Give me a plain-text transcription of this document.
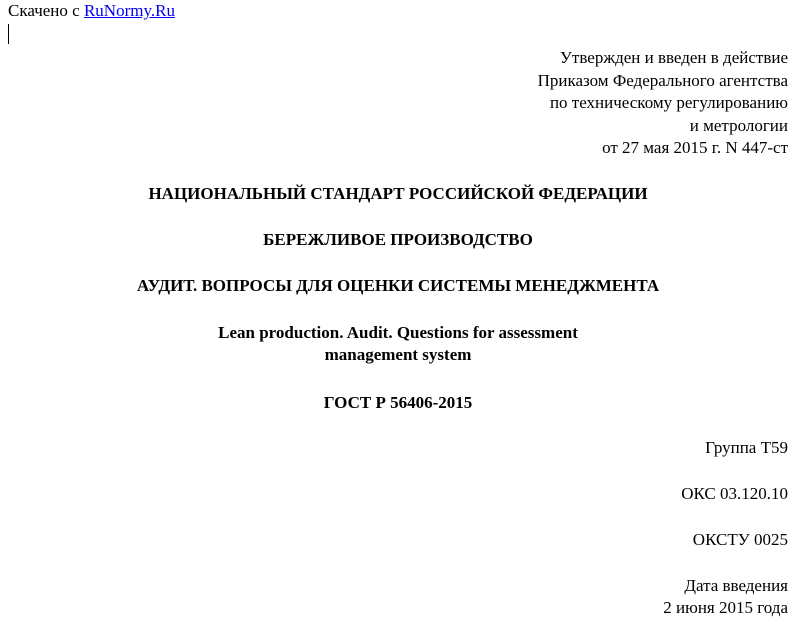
Скачено с RuNormy.Ru
Утвержден и введен в действие
Приказом Федерального агентства
по техническому регулированию
и метрологии
от 27 мая 2015 г. N 447-ст
НАЦИОНАЛЬНЫЙ СТАНДАРТ РОССИЙСКОЙ ФЕДЕРАЦИИ
БЕРЕЖЛИВОЕ ПРОИЗВОДСТВО
АУДИТ. ВОПРОСЫ ДЛЯ ОЦЕНКИ СИСТЕМЫ МЕНЕДЖМЕНТА
Lean production. Audit. Questions for assessment
management system
ГОСТ Р 56406-2015
Группа Т59
ОКС 03.120.10
ОКСТУ 0025
Дата введения
2 июня 2015 года
